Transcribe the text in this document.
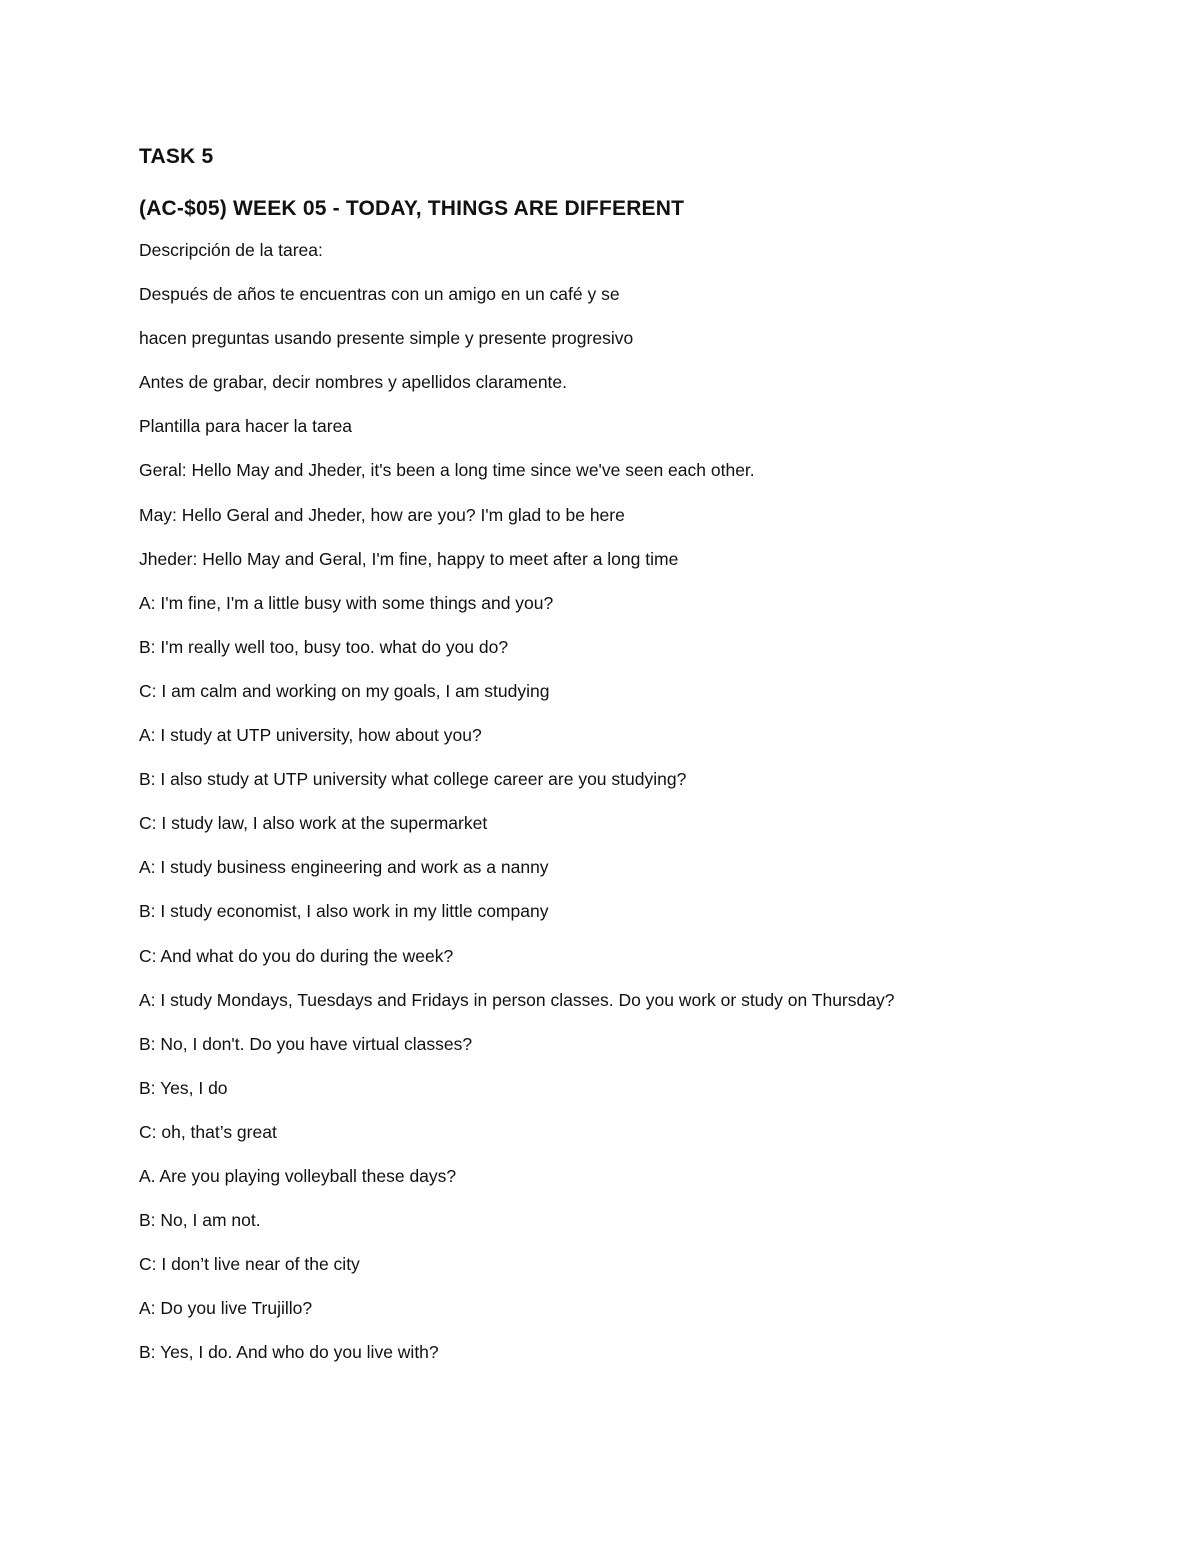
TASK 5
(AC-$05) WEEK 05 - TODAY, THINGS ARE DIFFERENT
Descripción de la tarea:
Después de años te encuentras con un amigo en un café y se
hacen preguntas usando presente simple y presente progresivo
Antes de grabar, decir nombres y apellidos claramente.
Plantilla para hacer la tarea
Geral: Hello May and Jheder, it's been a long time since we've seen each other.
May: Hello Geral and Jheder, how are you? I'm glad to be here
Jheder: Hello May and Geral, I'm fine, happy to meet after a long time
A: I'm fine, I'm a little busy with some things and you?
B: I'm really well too, busy too. what do you do?
C: I am calm and working on my goals, I am studying
A: I study at UTP university, how about you?
B: I also study at UTP university what college career are you studying?
C: I study law, I also work at the supermarket
A: I study business engineering and work as a nanny
B: I study economist, I also work in my little company
C: And what do you do during the week?
A: I study Mondays, Tuesdays and Fridays in person classes. Do you work or study on Thursday?
B: No, I don't. Do you have virtual classes?
B: Yes, I do
C: oh, that’s great
A. Are you playing volleyball these days?
B: No, I am not.
C: I don’t live near of the city
A: Do you live Trujillo?
B: Yes, I do. And who do you live with?
